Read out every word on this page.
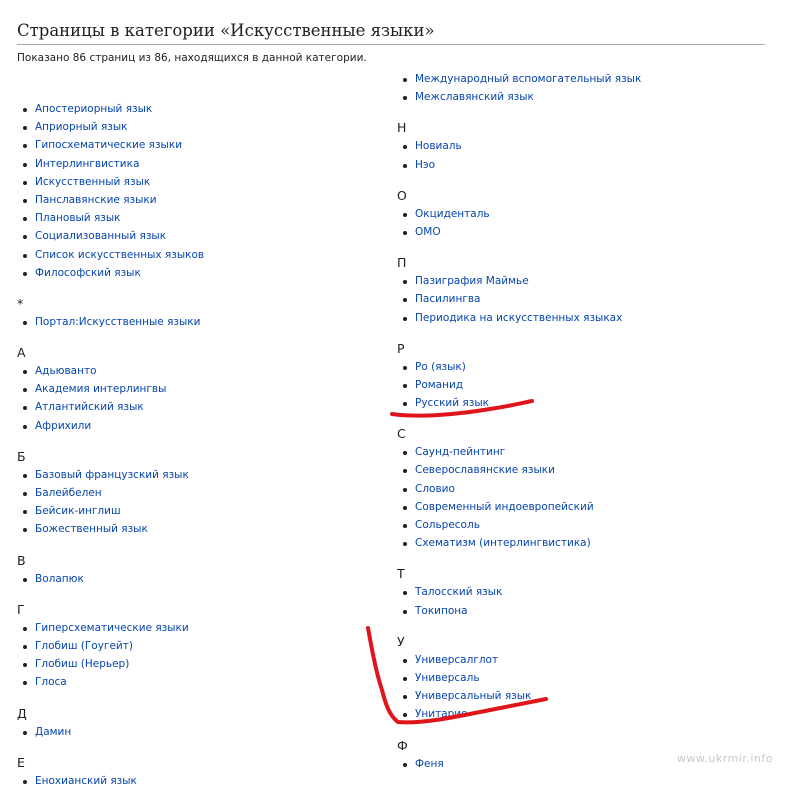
Страницы в категории «Искусственные языки»
Показано 86 страниц из 86, находящихся в данной категории.
Апостериорный язык
Априорный язык
Гипосхематические языки
Интерлингвистика
Искусственный язык
Панславянские языки
Плановый язык
Социализованный язык
Список искусственных языков
Философский язык
*
Портал:Искусственные языки
А
Адьюванто
Академия интерлингвы
Атлантийский язык
Африхили
Б
Базовый французский язык
Балейбелен
Бейсик-инглиш
Божественный язык
В
Волапюк
Г
Гиперсхематические языки
Глобиш (Гоугейт)
Глобиш (Нерьер)
Глоса
Д
Дамин
Е
Енохианский язык
Международный вспомогательный язык
Межславянский язык
Н
Новиаль
Нэо
О
Окциденталь
ОМО
П
Пазиграфия Маймье
Пасилингва
Периодика на искусственных языках
Р
Ро (язык)
Романид
Русский язык
С
Саунд-пейнтинг
Северославянские языки
Словио
Современный индоевропейский
Сольресоль
Схематизм (интерлингвистика)
Т
Талосский язык
Токипона
У
Универсалглот
Универсаль
Универсальный язык
Унитарио
Ф
Феня	www.ukrmir.info
